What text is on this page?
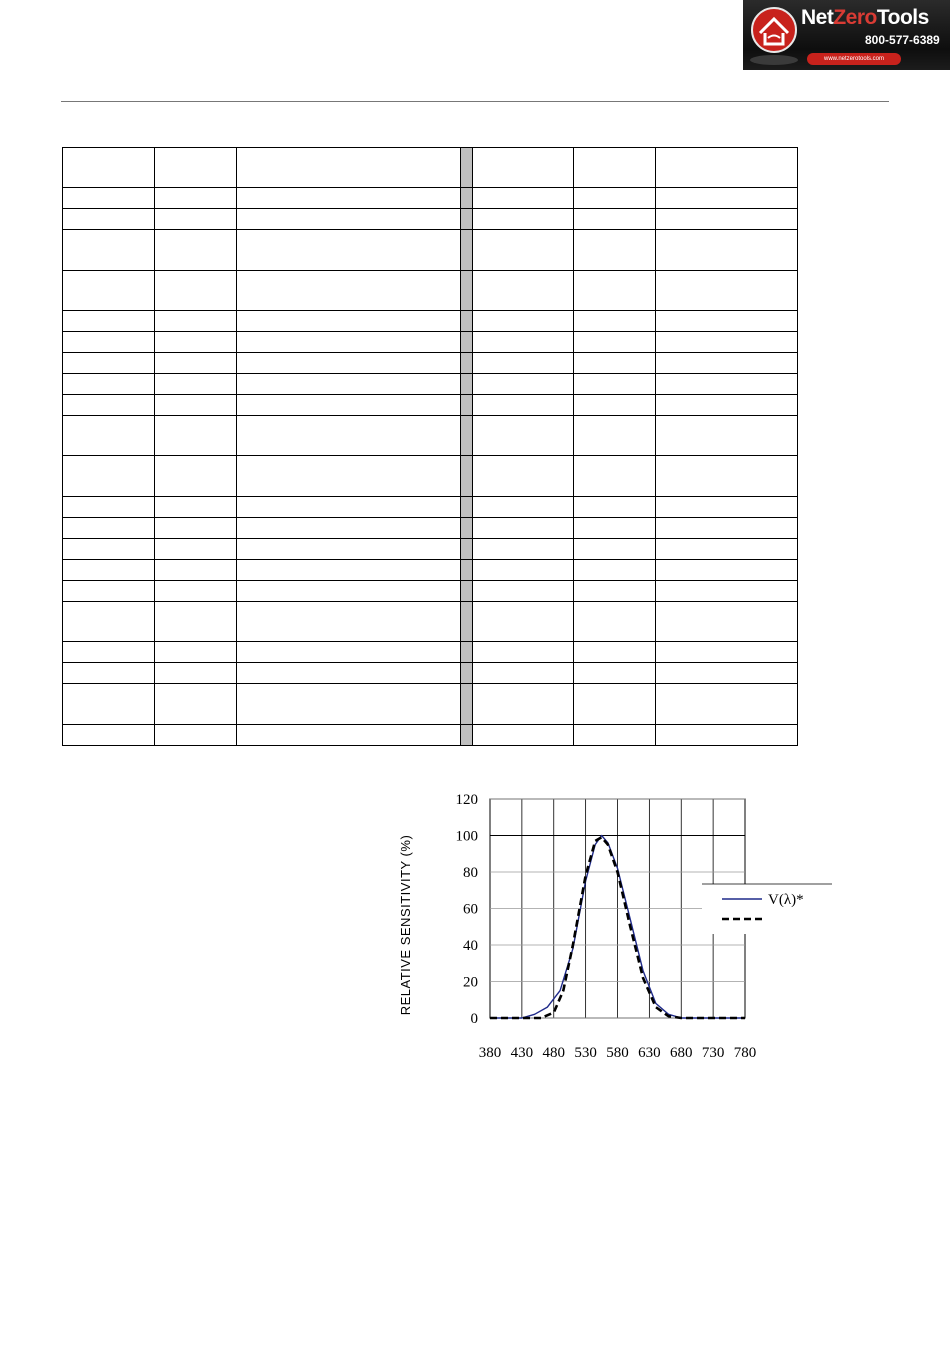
NetZeroTools
800-577-6389
www.netzerotools.com

RELATIVE SENSITIVITY (%)
0
20
40
60
80
100
120
380 430 480 530 580 630 680 730 780
V(λ)*
